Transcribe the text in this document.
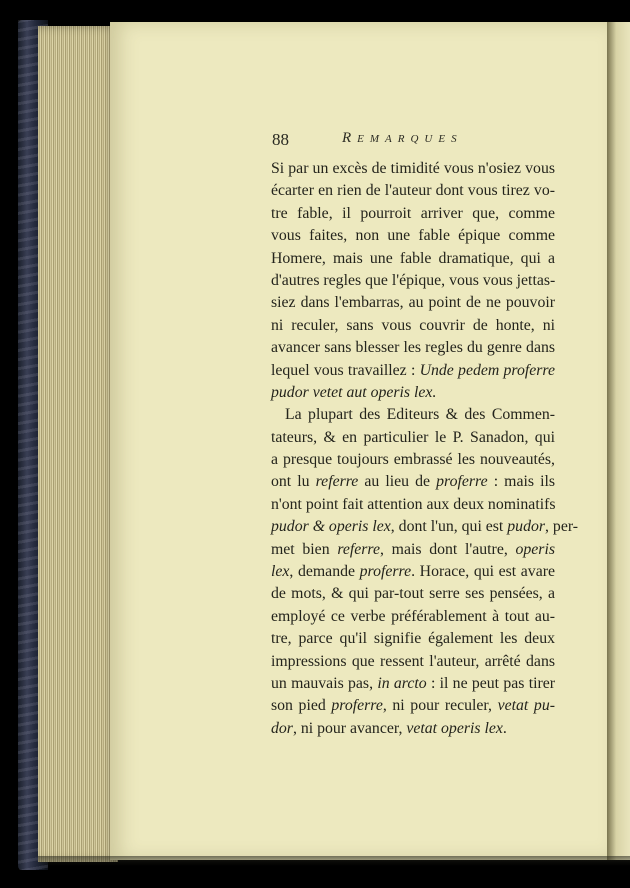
88	Remarques
Si par un excès de timidité vous n'osiez vous
écarter en rien de l'auteur dont vous tirez vo-
tre fable, il pourroit arriver que, comme
vous faites, non une fable épique comme
Homere, mais une fable dramatique, qui a
d'autres regles que l'épique, vous vous jettas-
siez dans l'embarras, au point de ne pouvoir
ni reculer, sans vous couvrir de honte, ni
avancer sans blesser les regles du genre dans
lequel vous travaillez : Unde pedem proferre
pudor vetet aut operis lex.
La plupart des Editeurs & des Commen-
tateurs, & en particulier le P. Sanadon, qui
a presque toujours embrassé les nouveautés,
ont lu referre au lieu de proferre : mais ils
n'ont point fait attention aux deux nominatifs
pudor & operis lex, dont l'un, qui est pudor, per-
met bien referre, mais dont l'autre, operis
lex, demande proferre. Horace, qui est avare
de mots, & qui par-tout serre ses pensées, a
employé ce verbe préférablement à tout au-
tre, parce qu'il signifie également les deux
impressions que ressent l'auteur, arrêté dans
un mauvais pas, in arcto : il ne peut pas tirer
son pied proferre, ni pour reculer, vetat pu-
dor, ni pour avancer, vetat operis lex.
